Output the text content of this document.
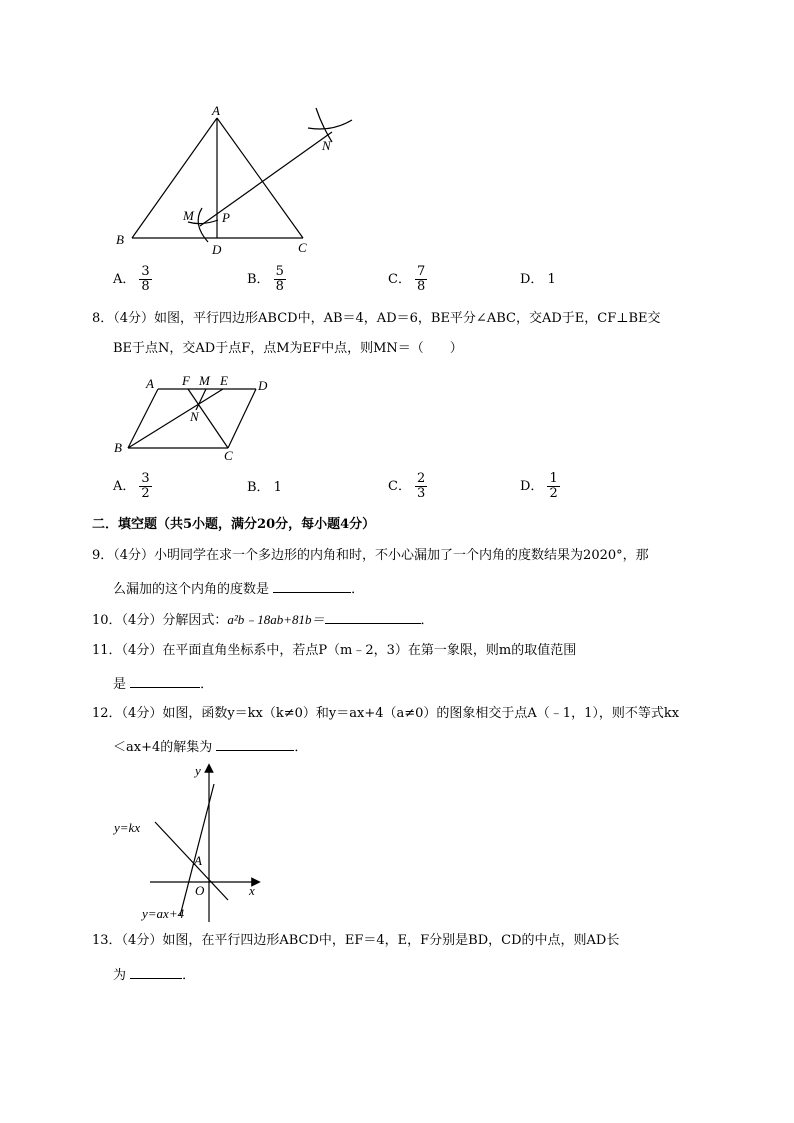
A
B
C
D
M
N
P
A． $\frac{3}{8}$	B． $\frac{5}{8}$	C． $\frac{7}{8}$	D． 1
8．（4分）如图，平行四边形ABCD中，AB＝4，AD＝6，BE平分∠ABC，交AD于E，CF⊥BE交
BE于点N，交AD于点F，点M为EF中点，则MN＝（　　）
A F M E D
N
B
C
A． $\frac{3}{2}$	B． 1	C． $\frac{2}{3}$	D． $\frac{1}{2}$
二．填空题（共5小题，满分20分，每小题4分）
9．（4分）小明同学在求一个多边形的内角和时，不小心漏加了一个内角的度数结果为2020°，那
么漏加的这个内角的度数是	．
10．（4分）分解因式：a²b﹣18ab+81b＝	．
11．（4分）在平面直角坐标系中，若点P（m﹣2，3）在第一象限，则m的取值范围
是	．
12．（4分）如图，函数y＝kx（k≠0）和y＝ax+4（a≠0）的图象相交于点A（﹣1，1），则不等式kx
＜ax+4的解集为	．
y
x
y=kx
y=ax+4
A
O
13．（4分）如图，在平行四边形ABCD中，EF＝4，E，F分别是BD，CD的中点，则AD长
为	．
